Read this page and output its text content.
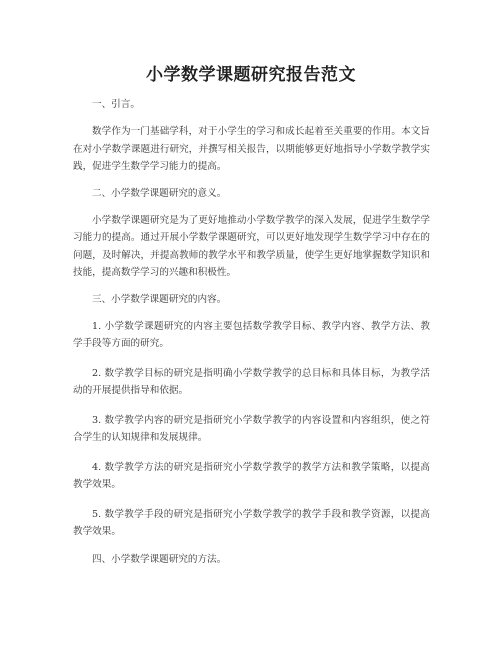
小学数学课题研究报告范文
一、引言。
数学作为一门基础学科，对于小学生的学习和成长起着至关重要的作用。本文旨在对小学数学课题进行研究，并撰写相关报告，以期能够更好地指导小学数学教学实践，促进学生数学学习能力的提高。
二、小学数学课题研究的意义。
小学数学课题研究是为了更好地推动小学数学教学的深入发展，促进学生数学学习能力的提高。通过开展小学数学课题研究，可以更好地发现学生数学学习中存在的问题，及时解决，并提高教师的教学水平和教学质量，使学生更好地掌握数学知识和技能，提高数学学习的兴趣和积极性。
三、小学数学课题研究的内容。
1. 小学数学课题研究的内容主要包括数学教学目标、教学内容、教学方法、教学手段等方面的研究。
2. 数学教学目标的研究是指明确小学数学教学的总目标和具体目标，为教学活动的开展提供指导和依据。
3. 数学教学内容的研究是指研究小学数学教学的内容设置和内容组织，使之符合学生的认知规律和发展规律。
4. 数学教学方法的研究是指研究小学数学教学的教学方法和教学策略，以提高教学效果。
5. 数学教学手段的研究是指研究小学数学教学的教学手段和教学资源，以提高教学效果。
四、小学数学课题研究的方法。
